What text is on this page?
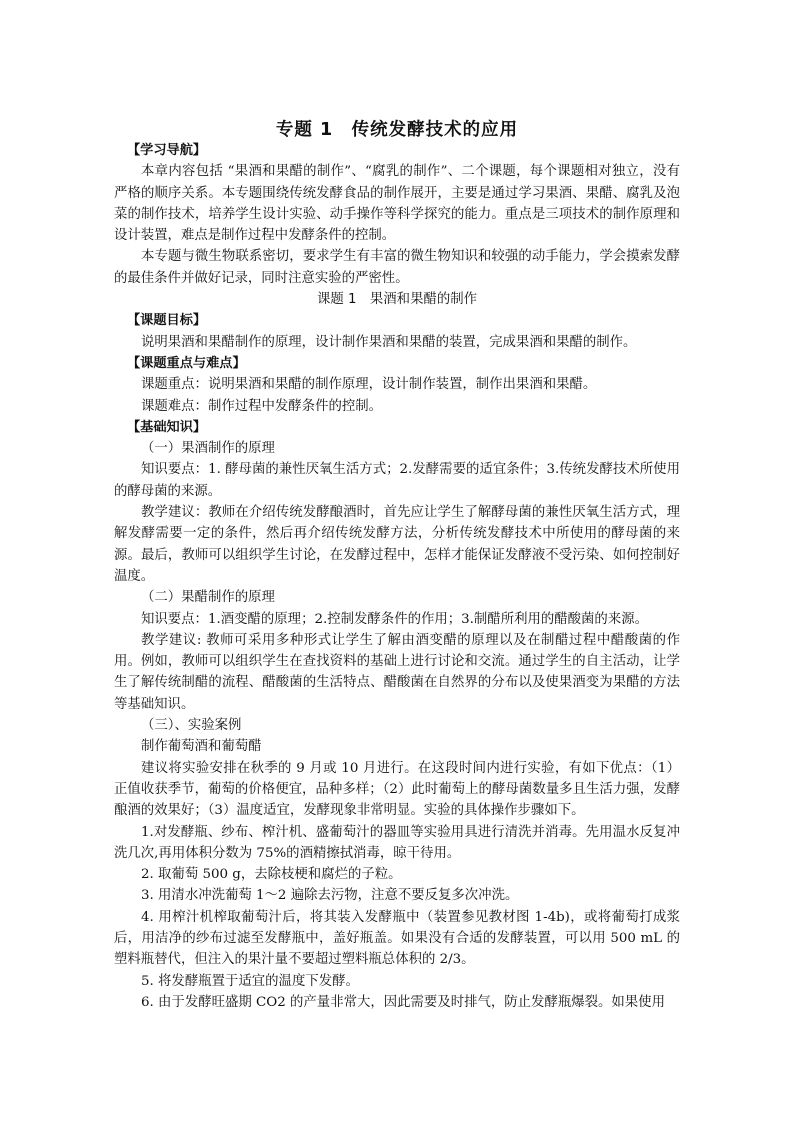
专题 1　传统发酵技术的应用

【学习导航】

本章内容包括 “果酒和果醋的制作”、“腐乳的制作”、二个课题，每个课题相对独立，没有严格的顺序关系。本专题围绕传统发酵食品的制作展开，主要是通过学习果酒、果醋、腐乳及泡菜的制作技术，培养学生设计实验、动手操作等科学探究的能力。重点是三项技术的制作原理和设计装置，难点是制作过程中发酵条件的控制。

本专题与微生物联系密切，要求学生有丰富的微生物知识和较强的动手能力，学会摸索发酵的最佳条件并做好记录，同时注意实验的严密性。

课题 1　果酒和果醋的制作

【课题目标】

说明果酒和果醋制作的原理，设计制作果酒和果醋的装置，完成果酒和果醋的制作。

【课题重点与难点】

课题重点：说明果酒和果醋的制作原理，设计制作装置，制作出果酒和果醋。

课题难点：制作过程中发酵条件的控制。

【基础知识】

（一）果酒制作的原理

知识要点：1. 酵母菌的兼性厌氧生活方式；2.发酵需要的适宜条件；3.传统发酵技术所使用的酵母菌的来源。

教学建议：教师在介绍传统发酵酿酒时，首先应让学生了解酵母菌的兼性厌氧生活方式，理解发酵需要一定的条件，然后再介绍传统发酵方法，分析传统发酵技术中所使用的酵母菌的来源。最后，教师可以组织学生讨论，在发酵过程中，怎样才能保证发酵液不受污染、如何控制好温度。

（二）果醋制作的原理

知识要点：1.酒变醋的原理；2.控制发酵条件的作用；3.制醋所利用的醋酸菌的来源。

教学建议: 教师可采用多种形式让学生了解由酒变醋的原理以及在制醋过程中醋酸菌的作用。例如，教师可以组织学生在查找资料的基础上进行讨论和交流。通过学生的自主活动，让学生了解传统制醋的流程、醋酸菌的生活特点、醋酸菌在自然界的分布以及使果酒变为果醋的方法等基础知识。

（三）、实验案例

制作葡萄酒和葡萄醋

建议将实验安排在秋季的 9 月或 10 月进行。在这段时间内进行实验，有如下优点：（1）正值收获季节，葡萄的价格便宜，品种多样；（2）此时葡萄上的酵母菌数量多且生活力强，发酵酿酒的效果好；（3）温度适宜，发酵现象非常明显。实验的具体操作步骤如下。

1.对发酵瓶、纱布、榨汁机、盛葡萄汁的器皿等实验用具进行清洗并消毒。先用温水反复冲洗几次,再用体积分数为 75%的酒精擦拭消毒，晾干待用。

2. 取葡萄 500 g，去除枝梗和腐烂的子粒。

3. 用清水冲洗葡萄 1～2 遍除去污物，注意不要反复多次冲洗。

4. 用榨汁机榨取葡萄汁后，将其装入发酵瓶中（装置参见教材图 1-4b)，或将葡萄打成浆后，用洁净的纱布过滤至发酵瓶中，盖好瓶盖。如果没有合适的发酵装置，可以用 500 mL 的塑料瓶替代，但注入的果汁量不要超过塑料瓶总体积的 2/3。

5. 将发酵瓶置于适宜的温度下发酵。

6. 由于发酵旺盛期 CO2 的产量非常大，因此需要及时排气，防止发酵瓶爆裂。如果使用
